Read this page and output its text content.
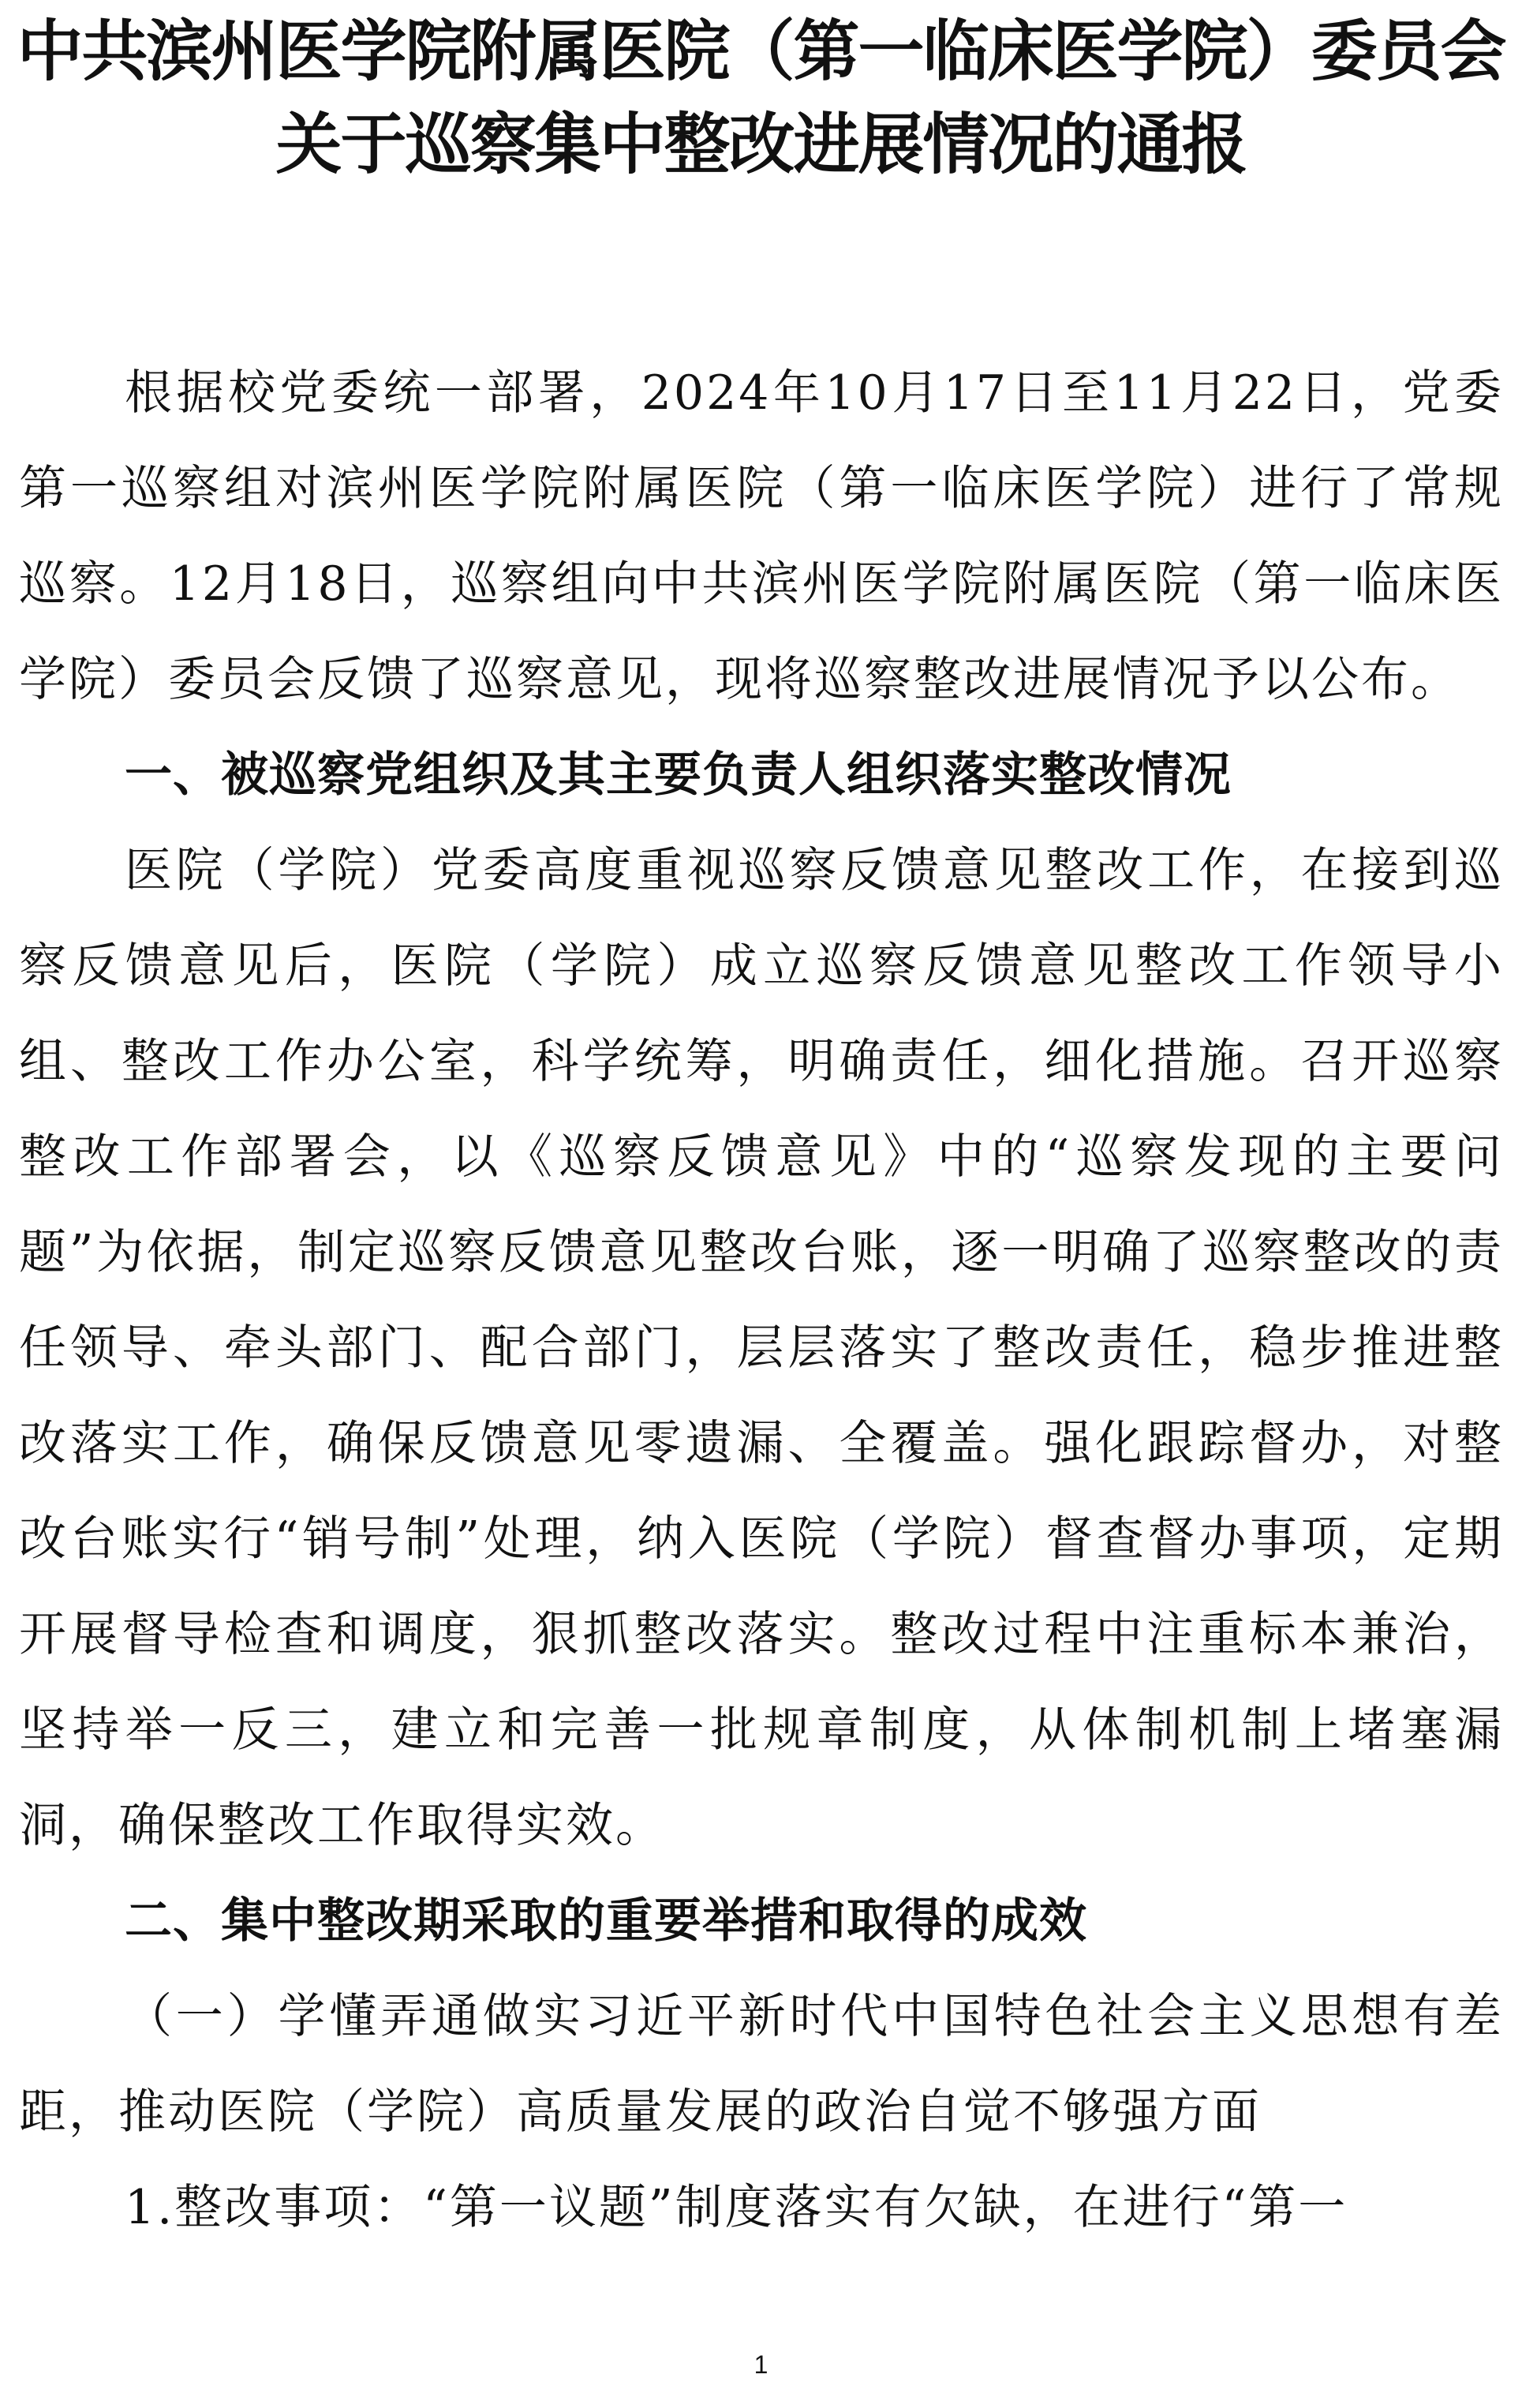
中共滨州医学院附属医院（第一临床医学院）委员会
关于巡察集中整改进展情况的通报

根据校党委统一部署，2024年10月17日至11月22日，党委第一巡察组对滨州医学院附属医院（第一临床医学院）进行了常规巡察。12月18日，巡察组向中共滨州医学院附属医院（第一临床医学院）委员会反馈了巡察意见，现将巡察整改进展情况予以公布。

一、被巡察党组织及其主要负责人组织落实整改情况

医院（学院）党委高度重视巡察反馈意见整改工作，在接到巡察反馈意见后，医院（学院）成立巡察反馈意见整改工作领导小组、整改工作办公室，科学统筹，明确责任，细化措施。召开巡察整改工作部署会，以《巡察反馈意见》中的“巡察发现的主要问题”为依据，制定巡察反馈意见整改台账，逐一明确了巡察整改的责任领导、牵头部门、配合部门，层层落实了整改责任，稳步推进整改落实工作，确保反馈意见零遗漏、全覆盖。强化跟踪督办，对整改台账实行“销号制”处理，纳入医院（学院）督查督办事项，定期开展督导检查和调度，狠抓整改落实。整改过程中注重标本兼治，坚持举一反三，建立和完善一批规章制度，从体制机制上堵塞漏洞，确保整改工作取得实效。

二、集中整改期采取的重要举措和取得的成效

（一）学懂弄通做实习近平新时代中国特色社会主义思想有差距，推动医院（学院）高质量发展的政治自觉不够强方面

1.整改事项：“第一议题”制度落实有欠缺，在进行“第一

1
